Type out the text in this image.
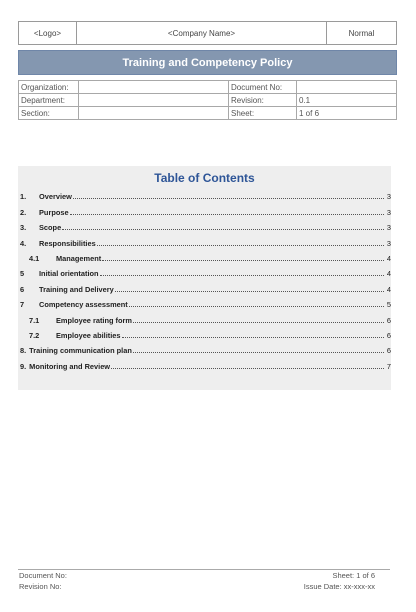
<Logo>	<Company Name>	Normal
Training and Competency Policy
Organization:		Document No:	
Department:		Revision:	0.1
Section:		Sheet:	1 of 6
Table of Contents
1.	Overview	3
2.	Purpose	3
3.	Scope	3
4.	Responsibilities	3
4.1	Management	4
5	Initial orientation	4
6	Training and Delivery	4
7	Competency assessment	5
7.1	Employee rating form	6
7.2	Employee abilities	6
8. Training communication plan	6
9. Monitoring and Review	7
Document No:
Revision No:
Sheet: 1 of 6
Issue Date: xx-xxx-xx
